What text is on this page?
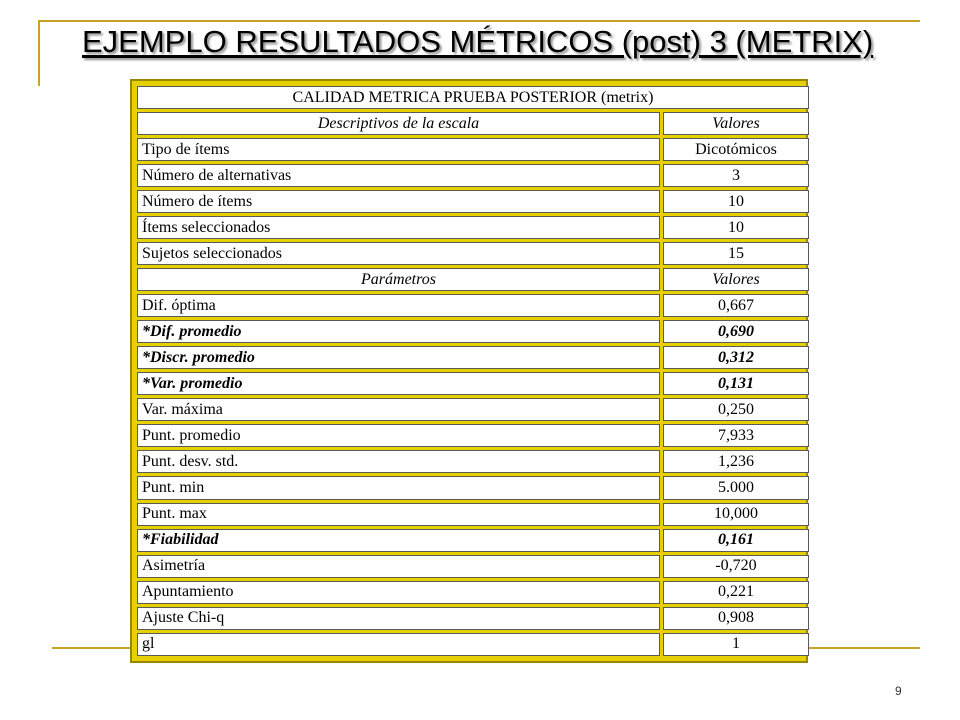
EJEMPLO RESULTADOS MÉTRICOS (post) 3 (METRIX)
CALIDAD METRICA PRUEBA POSTERIOR (metrix)	
Descriptivos de la escala	Valores
Tipo de ítems	Dicotómicos
Número de alternativas	3
Número de ítems	10
Ítems seleccionados	10
Sujetos seleccionados	15
Parámetros	Valores
Dif. óptima	0,667
*Dif. promedio	0,690
*Discr. promedio	0,312
*Var. promedio	0,131
Var. máxima	0,250
Punt. promedio	7,933
Punt. desv. std.	1,236
Punt. min	5.000
Punt. max	10,000
*Fiabilidad	0,161
Asimetría	-0,720
Apuntamiento	0,221
Ajuste Chi-q	0,908
gl	1
9
